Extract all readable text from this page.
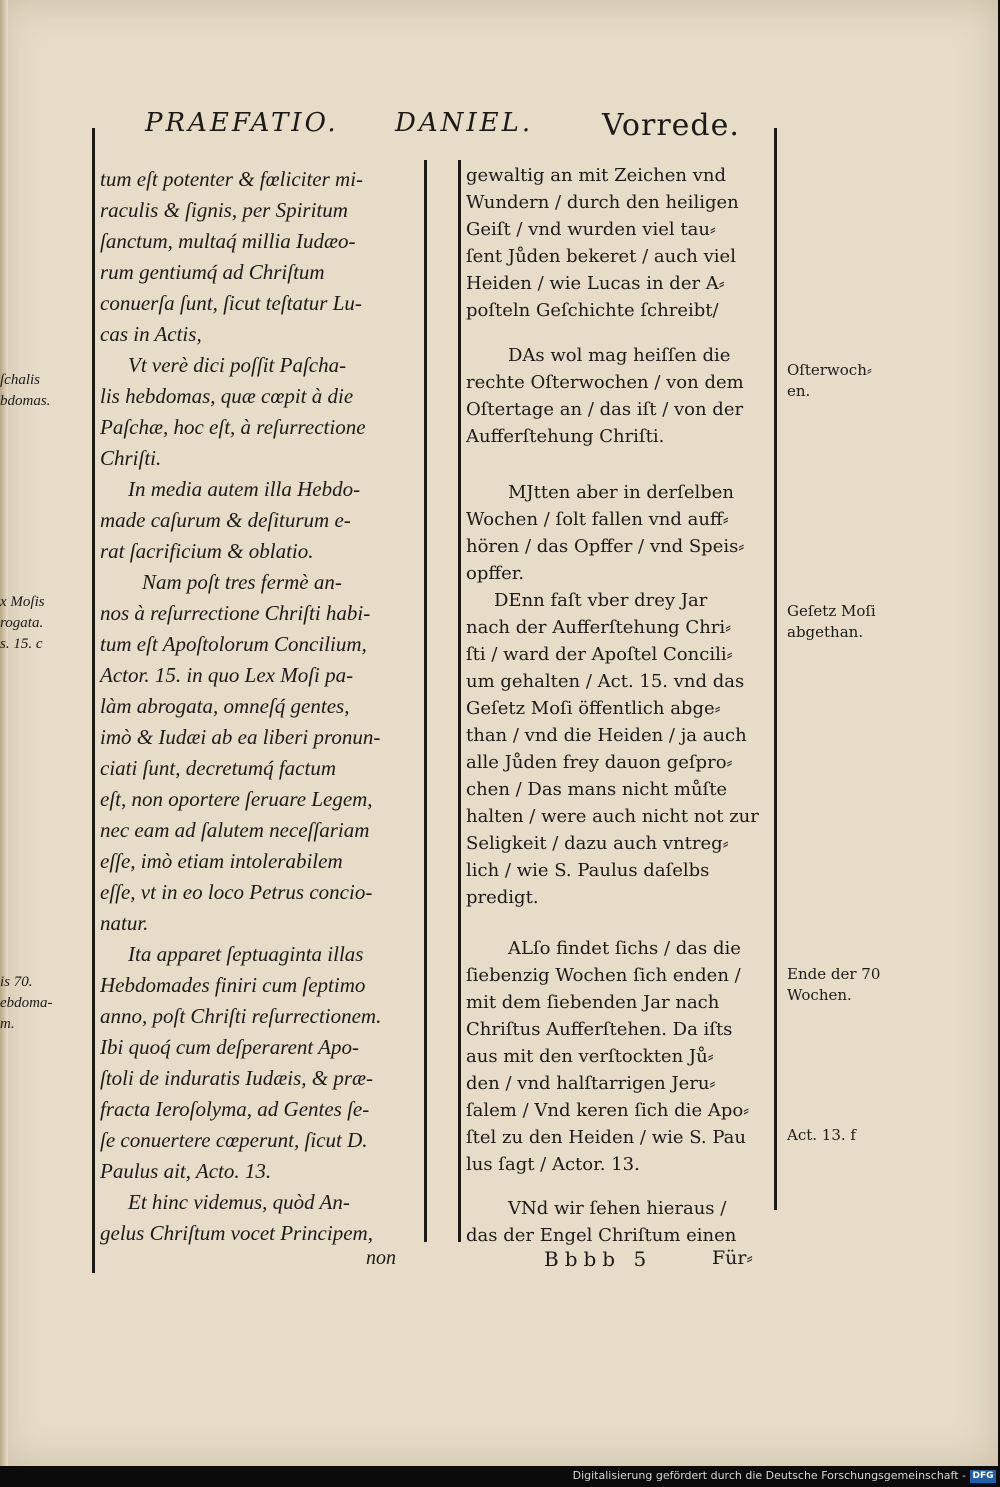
PRAEFATIO. DANIEL. Vorrede.
tum eſt potenter & fœliciter mi-
raculis & ſignis, per Spiritum
ſanctum, multaq́ millia Iudæo-
rum gentiumq́ ad Chriſtum
conuerſa ſunt, ſicut teſtatur Lu-
cas in Actis,
Vt verè dici poſſit Paſcha-
lis hebdomas, quæ cœpit à die
Paſchæ, hoc eſt, à reſurrectione
Chriſti.
In media autem illa Hebdo-
made caſurum & deſiturum e-
rat ſacrificium & oblatio.
Nam poſt tres fermè an-
nos à reſurrectione Chriſti habi-
tum eſt Apoſtolorum Concilium,
Actor. 15. in quo Lex Moſi pa-
làm abrogata, omneſq́ gentes,
imò & Iudæi ab ea liberi pronun-
ciati ſunt, decretumq́ factum
eſt, non oportere ſeruare Legem,
nec eam ad ſalutem neceſſariam
eſſe, imò etiam intolerabilem
eſſe, vt in eo loco Petrus concio-
natur.
Ita apparet ſeptuaginta illas
Hebdomades finiri cum ſeptimo
anno, poſt Chriſti reſurrectionem.
Ibi quoq́ cum deſperarent Apo-
ſtoli de induratis Iudæis, & præ-
fracta Ieroſolyma, ad Gentes ſe-
ſe conuertere cœperunt, ſicut D.
Paulus ait, Acto. 13.
Et hinc videmus, quòd An-
gelus Chriſtum vocet Principem,
non
gewaltig an mit Zeichen vnd
Wundern / durch den heiligen
Geiſt / vnd wurden viel tau⸗
ſent Jůden bekeret / auch viel
Heiden / wie Lucas in der A⸗
poſteln Geſchichte ſchreibt/
DAs wol mag heiſſen die
rechte Oſterwochen / von dem
Oſtertage an / das iſt / von der
Aufferſtehung Chriſti.
MJtten aber in derſelben
Wochen / ſolt fallen vnd auff⸗
hören / das Opffer / vnd Speis⸗
opffer.
DEnn faſt vber drey Jar
nach der Aufferſtehung Chri⸗
ſti / ward der Apoſtel Concili⸗
um gehalten / Act. 15. vnd das
Geſetz Moſi öffentlich abge⸗
than / vnd die Heiden / ja auch
alle Jůden frey dauon geſpro⸗
chen / Das mans nicht můſte
halten / were auch nicht not zur
Seligkeit / dazu auch vntreg⸗
lich / wie S. Paulus daſelbs
predigt.
ALſo findet ſichs / das die
ſiebenzig Wochen ſich enden /
mit dem ſiebenden Jar nach
Chriſtus Aufferſtehen. Da iſts
aus mit den verſtockten Jů⸗
den / vnd halſtarrigen Jeru⸗
ſalem / Vnd keren ſich die Apo⸗
ſtel zu den Heiden / wie S. Pau
lus ſagt / Actor. 13.
VNd wir ſehen hieraus /
das der Engel Chriſtum einen
Bbbb 5	Für⸗
Oſterwoch⸗
en.
Geſetz Moſi
abgethan.
Ende der 70
Wochen.
Act. 13. f
ſchalis
bdomas.
x Moſis
rogata.
s. 15. c
is 70.
ebdoma-
m.
Digitalisierung gefördert durch die Deutsche Forschungsgemeinschaft - DFG
